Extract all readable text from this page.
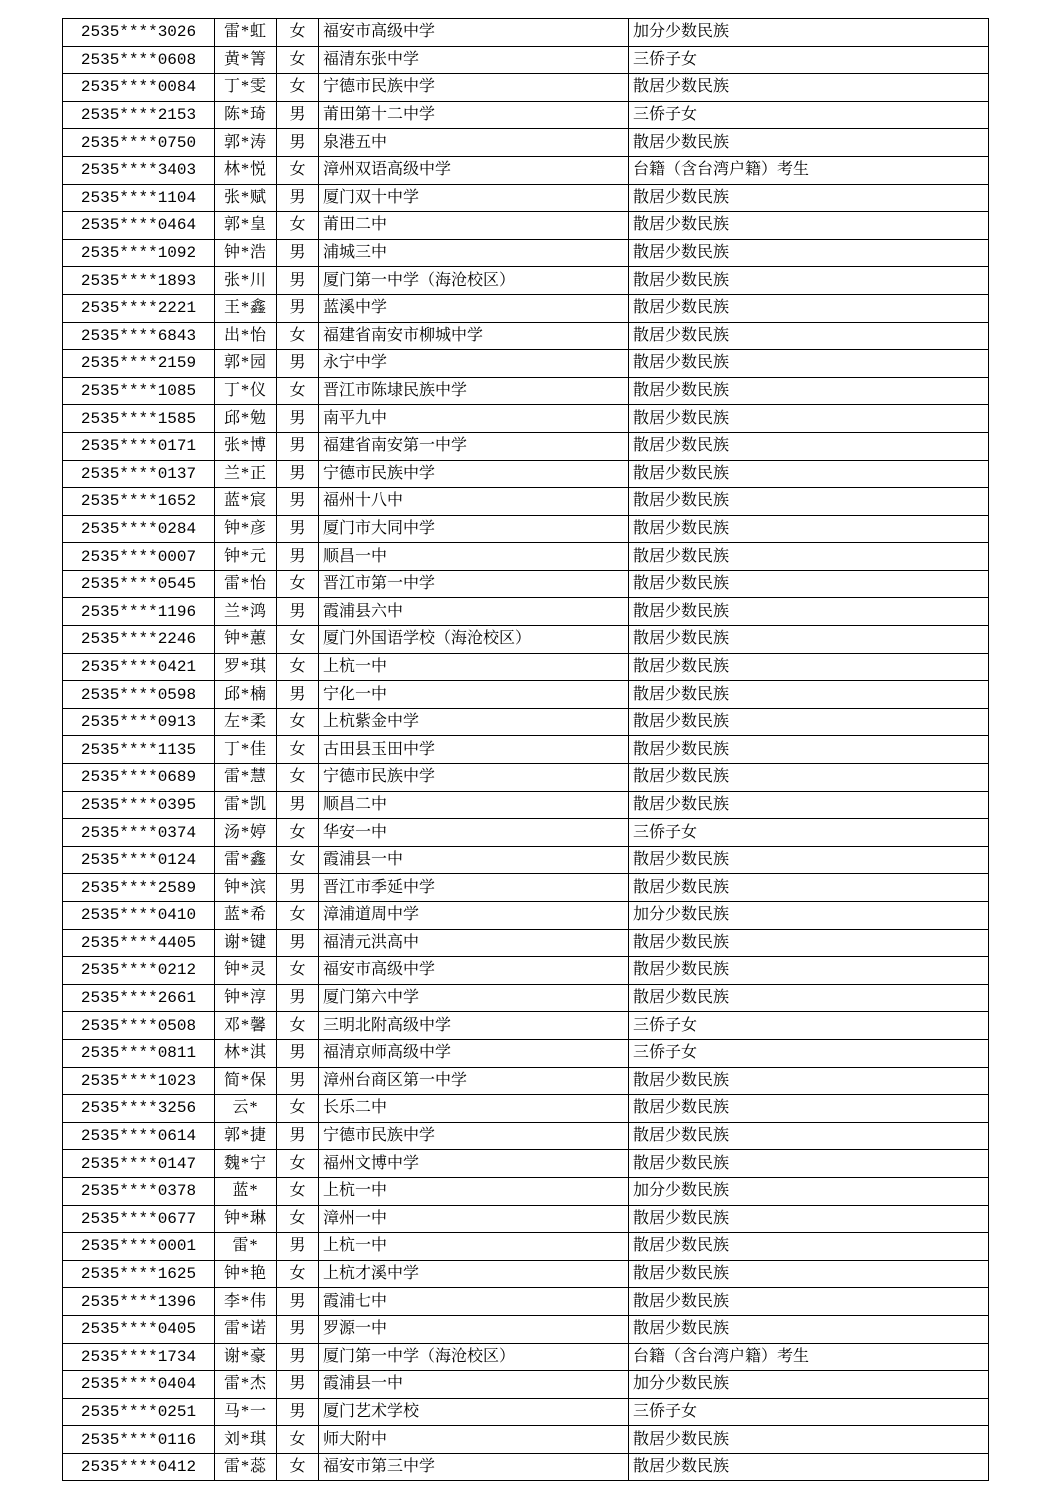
2535****3026	雷*虹	女	福安市高级中学	加分少数民族
2535****0608	黄*箐	女	福清东张中学	三侨子女
2535****0084	丁*雯	女	宁德市民族中学	散居少数民族
2535****2153	陈*琦	男	莆田第十二中学	三侨子女
2535****0750	郭*涛	男	泉港五中	散居少数民族
2535****3403	林*悦	女	漳州双语高级中学	台籍（含台湾户籍）考生
2535****1104	张*赋	男	厦门双十中学	散居少数民族
2535****0464	郭*皇	女	莆田二中	散居少数民族
2535****1092	钟*浩	男	浦城三中	散居少数民族
2535****1893	张*川	男	厦门第一中学（海沧校区）	散居少数民族
2535****2221	王*鑫	男	蓝溪中学	散居少数民族
2535****6843	出*怡	女	福建省南安市柳城中学	散居少数民族
2535****2159	郭*园	男	永宁中学	散居少数民族
2535****1085	丁*仪	女	晋江市陈埭民族中学	散居少数民族
2535****1585	邱*勉	男	南平九中	散居少数民族
2535****0171	张*博	男	福建省南安第一中学	散居少数民族
2535****0137	兰*正	男	宁德市民族中学	散居少数民族
2535****1652	蓝*宸	男	福州十八中	散居少数民族
2535****0284	钟*彦	男	厦门市大同中学	散居少数民族
2535****0007	钟*元	男	顺昌一中	散居少数民族
2535****0545	雷*怡	女	晋江市第一中学	散居少数民族
2535****1196	兰*鸿	男	霞浦县六中	散居少数民族
2535****2246	钟*蕙	女	厦门外国语学校（海沧校区）	散居少数民族
2535****0421	罗*琪	女	上杭一中	散居少数民族
2535****0598	邱*楠	男	宁化一中	散居少数民族
2535****0913	左*柔	女	上杭紫金中学	散居少数民族
2535****1135	丁*佳	女	古田县玉田中学	散居少数民族
2535****0689	雷*慧	女	宁德市民族中学	散居少数民族
2535****0395	雷*凯	男	顺昌二中	散居少数民族
2535****0374	汤*婷	女	华安一中	三侨子女
2535****0124	雷*鑫	女	霞浦县一中	散居少数民族
2535****2589	钟*滨	男	晋江市季延中学	散居少数民族
2535****0410	蓝*希	女	漳浦道周中学	加分少数民族
2535****4405	谢*键	男	福清元洪高中	散居少数民族
2535****0212	钟*灵	女	福安市高级中学	散居少数民族
2535****2661	钟*淳	男	厦门第六中学	散居少数民族
2535****0508	邓*馨	女	三明北附高级中学	三侨子女
2535****0811	林*淇	男	福清京师高级中学	三侨子女
2535****1023	简*保	男	漳州台商区第一中学	散居少数民族
2535****3256	云*	女	长乐二中	散居少数民族
2535****0614	郭*捷	男	宁德市民族中学	散居少数民族
2535****0147	魏*宁	女	福州文博中学	散居少数民族
2535****0378	蓝*	女	上杭一中	加分少数民族
2535****0677	钟*琳	女	漳州一中	散居少数民族
2535****0001	雷*	男	上杭一中	散居少数民族
2535****1625	钟*艳	女	上杭才溪中学	散居少数民族
2535****1396	李*伟	男	霞浦七中	散居少数民族
2535****0405	雷*诺	男	罗源一中	散居少数民族
2535****1734	谢*豪	男	厦门第一中学（海沧校区）	台籍（含台湾户籍）考生
2535****0404	雷*杰	男	霞浦县一中	加分少数民族
2535****0251	马*一	男	厦门艺术学校	三侨子女
2535****0116	刘*琪	女	师大附中	散居少数民族
2535****0412	雷*蕊	女	福安市第三中学	散居少数民族
